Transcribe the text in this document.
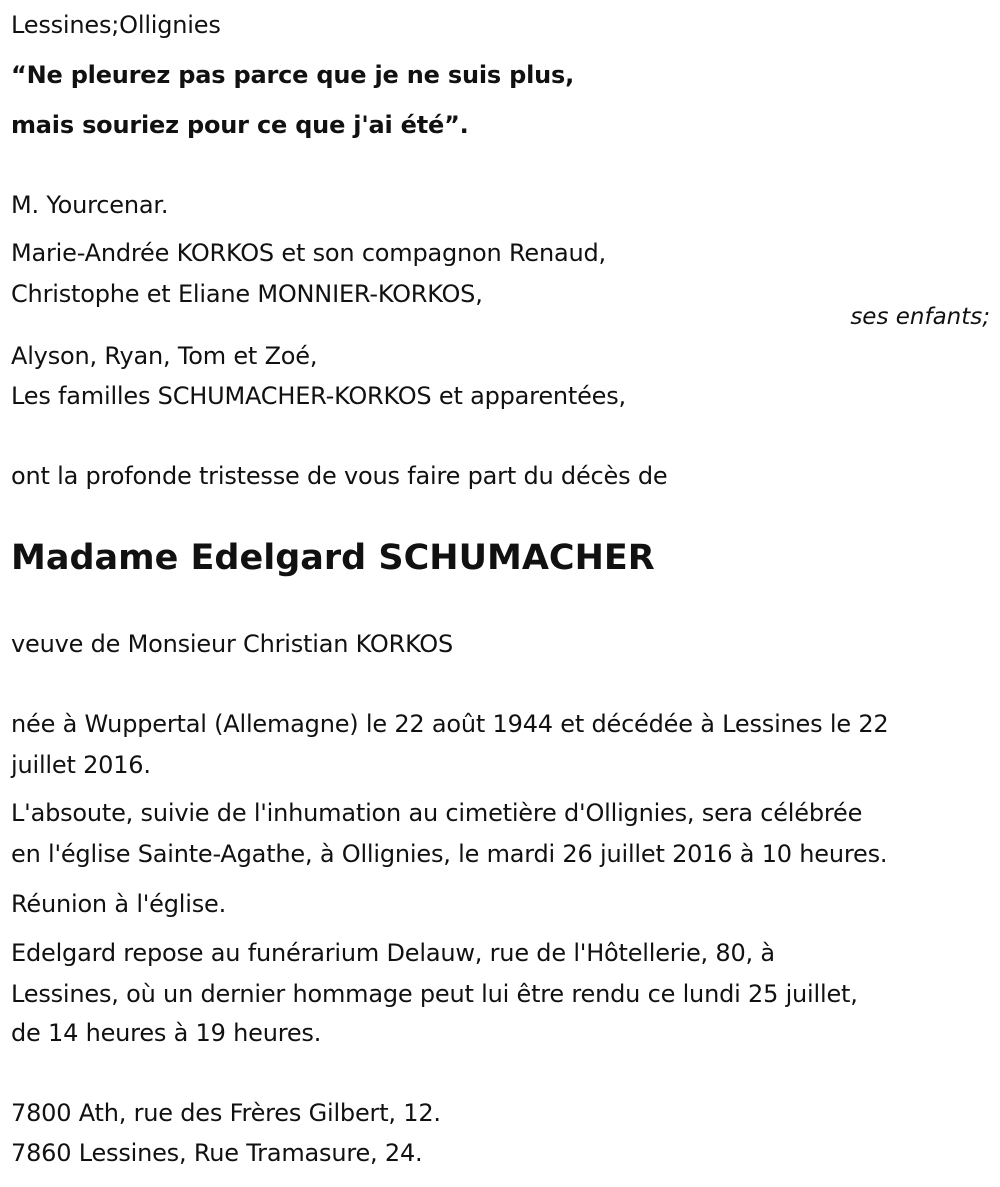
Lessines;Ollignies
“Ne pleurez pas parce que je ne suis plus,
mais souriez pour ce que j'ai été”.
M. Yourcenar.
Marie-Andrée KORKOS et son compagnon Renaud,
Christophe et Eliane MONNIER-KORKOS,
ses enfants;
Alyson, Ryan, Tom et Zoé,
Les familles SCHUMACHER-KORKOS et apparentées,
ont la profonde tristesse de vous faire part du décès de
Madame Edelgard SCHUMACHER
veuve de Monsieur Christian KORKOS
née à Wuppertal (Allemagne) le 22 août 1944 et décédée à Lessines le 22
juillet 2016.
L'absoute, suivie de l'inhumation au cimetière d'Ollignies, sera célébrée
en l'église Sainte-Agathe, à Ollignies, le mardi 26 juillet 2016 à 10 heures.
Réunion à l'église.
Edelgard repose au funérarium Delauw, rue de l'Hôtellerie, 80, à
Lessines, où un dernier hommage peut lui être rendu ce lundi 25 juillet,
de 14 heures à 19 heures.
7800 Ath, rue des Frères Gilbert, 12.
7860 Lessines, Rue Tramasure, 24.
